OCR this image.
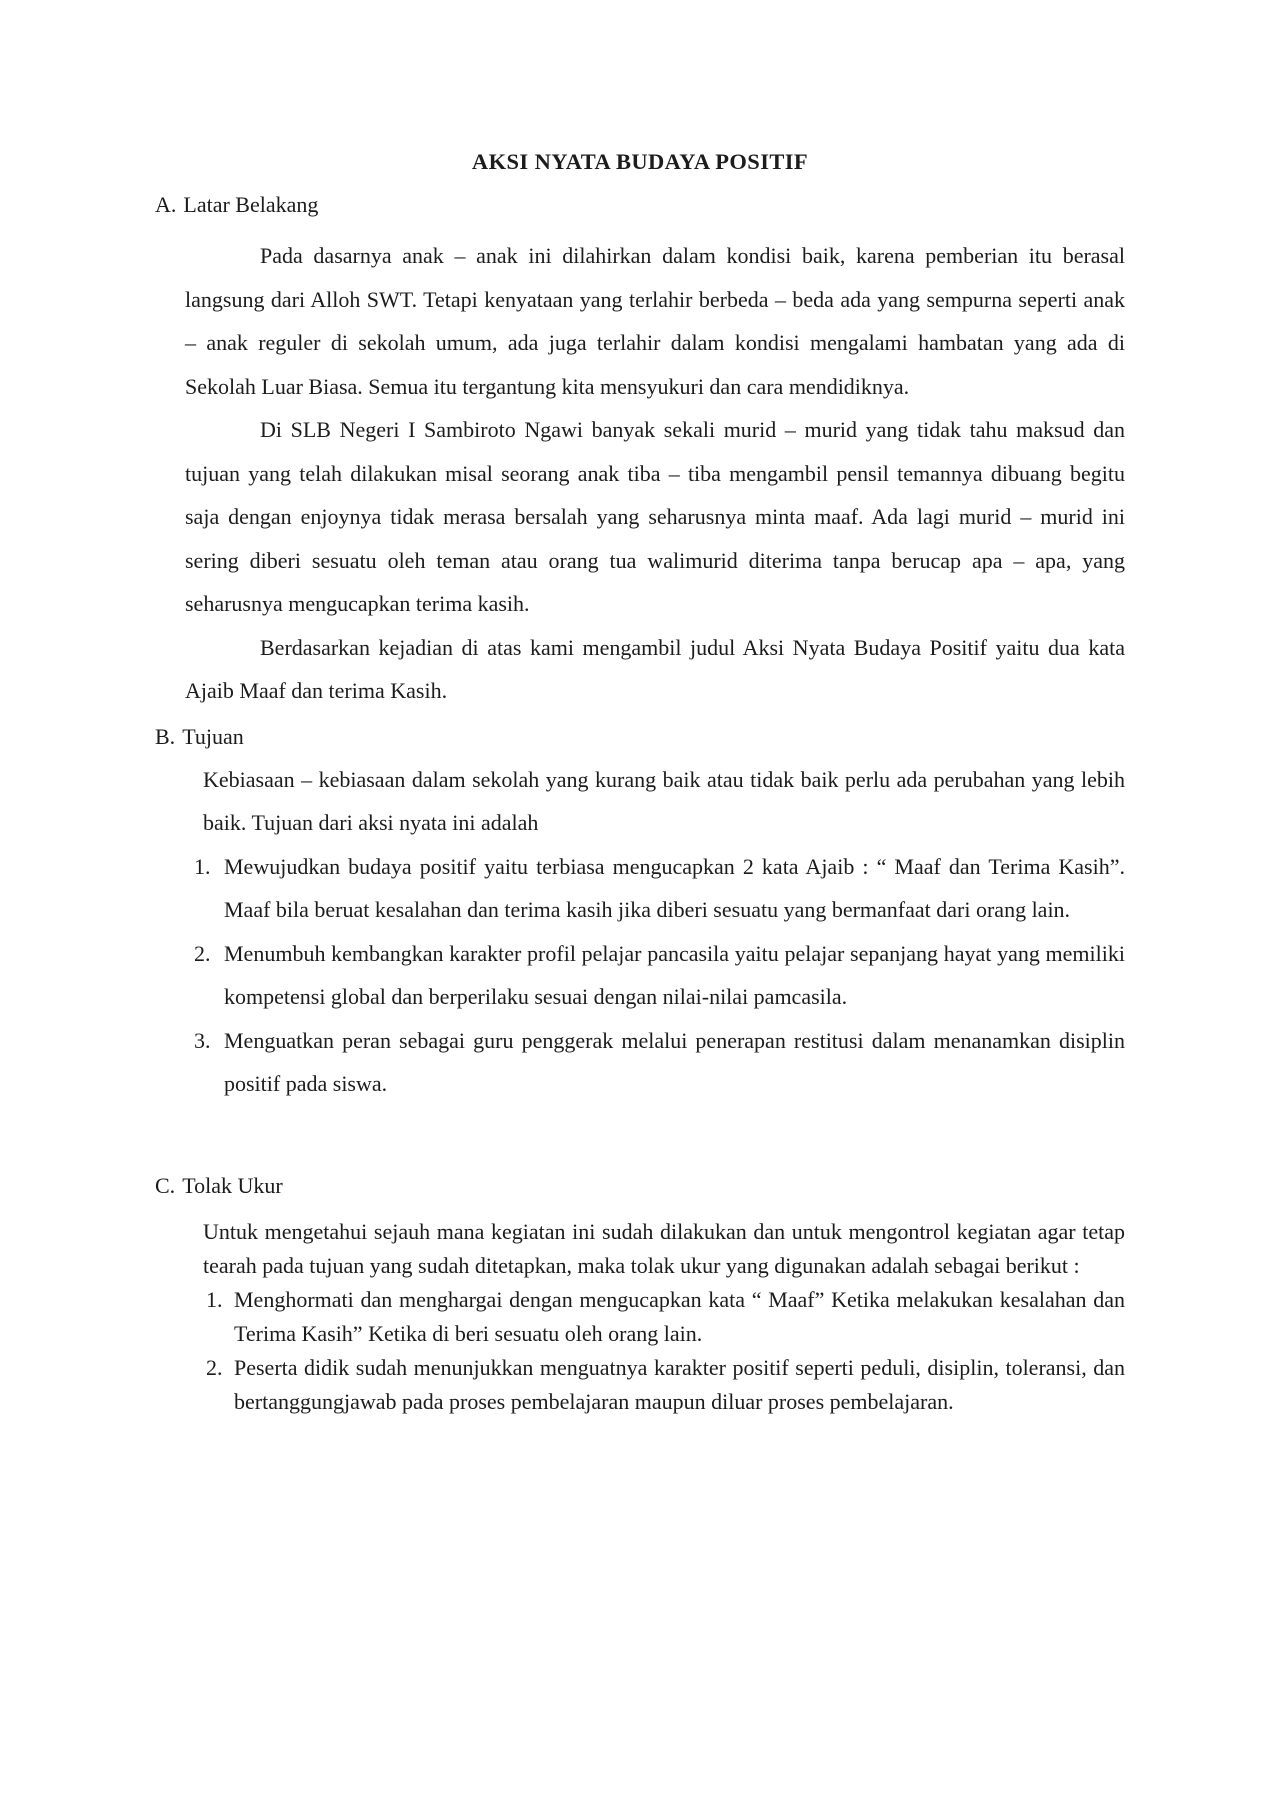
AKSI NYATA BUDAYA POSITIF
A. Latar Belakang

Pada dasarnya anak – anak ini dilahirkan dalam kondisi baik, karena pemberian itu berasal langsung dari Alloh SWT. Tetapi kenyataan yang terlahir berbeda – beda ada yang sempurna seperti anak – anak reguler di sekolah umum, ada juga terlahir dalam kondisi mengalami hambatan yang ada di Sekolah Luar Biasa. Semua itu tergantung kita mensyukuri dan cara mendidiknya.

Di SLB Negeri I Sambiroto Ngawi banyak sekali murid – murid yang tidak tahu maksud dan tujuan yang telah dilakukan misal seorang anak tiba – tiba mengambil pensil temannya dibuang begitu saja dengan enjoynya tidak merasa bersalah yang seharusnya minta maaf. Ada lagi murid – murid ini sering diberi sesuatu oleh teman atau orang tua walimurid diterima tanpa berucap apa – apa, yang seharusnya mengucapkan terima kasih.

Berdasarkan kejadian di atas kami mengambil judul Aksi Nyata Budaya Positif yaitu dua kata Ajaib Maaf dan terima Kasih.

B. Tujuan

Kebiasaan – kebiasaan dalam sekolah yang kurang baik atau tidak baik perlu ada perubahan yang lebih baik. Tujuan dari aksi nyata ini adalah

1. Mewujudkan budaya positif yaitu terbiasa mengucapkan 2 kata Ajaib : “ Maaf dan Terima Kasih”. Maaf bila beruat kesalahan dan terima kasih jika diberi sesuatu yang bermanfaat dari orang lain.
2. Menumbuh kembangkan karakter profil pelajar pancasila yaitu pelajar sepanjang hayat yang memiliki kompetensi global dan berperilaku sesuai dengan nilai-nilai pamcasila.
3. Menguatkan peran sebagai guru penggerak melalui penerapan restitusi dalam menanamkan disiplin positif pada siswa.
C. Tolak Ukur

Untuk mengetahui sejauh mana kegiatan ini sudah dilakukan dan untuk mengontrol kegiatan agar tetap tearah pada tujuan yang sudah ditetapkan, maka tolak ukur yang digunakan adalah sebagai berikut :

1. Menghormati dan menghargai dengan mengucapkan kata “ Maaf” Ketika melakukan kesalahan dan Terima Kasih” Ketika di beri sesuatu oleh orang lain.
2. Peserta didik sudah menunjukkan menguatnya karakter positif seperti peduli, disiplin, toleransi, dan bertanggungjawab pada proses pembelajaran maupun diluar proses pembelajaran.
